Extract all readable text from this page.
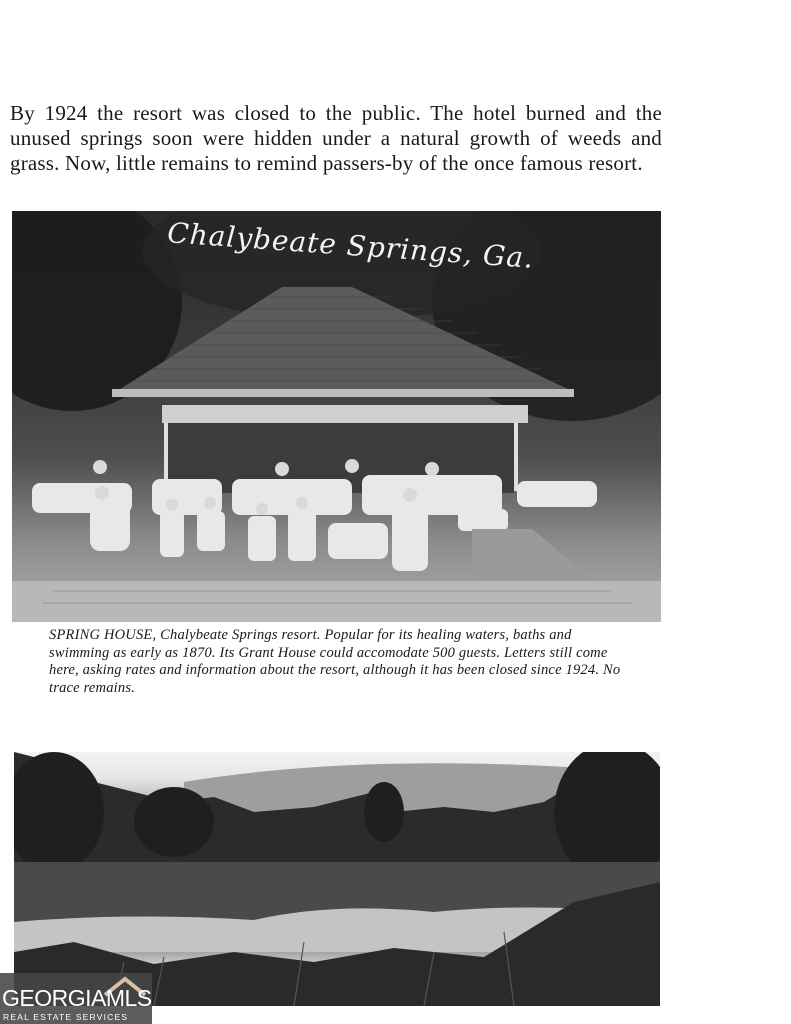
By 1924 the resort was closed to the public. The hotel burned and the unused springs soon were hidden under a natural growth of weeds and grass. Now, little remains to remind passers-by of the once famous resort.

Chalybeate Springs, Ga.

SPRING HOUSE, Chalybeate Springs resort. Popular for its healing waters, baths and swimming as early as 1870. Its Grant House could accomodate 500 guests. Letters still come here, asking rates and information about the resort, although it has been closed since 1924. No trace remains.

GEORGIAMLS
REAL ESTATE SERVICES
